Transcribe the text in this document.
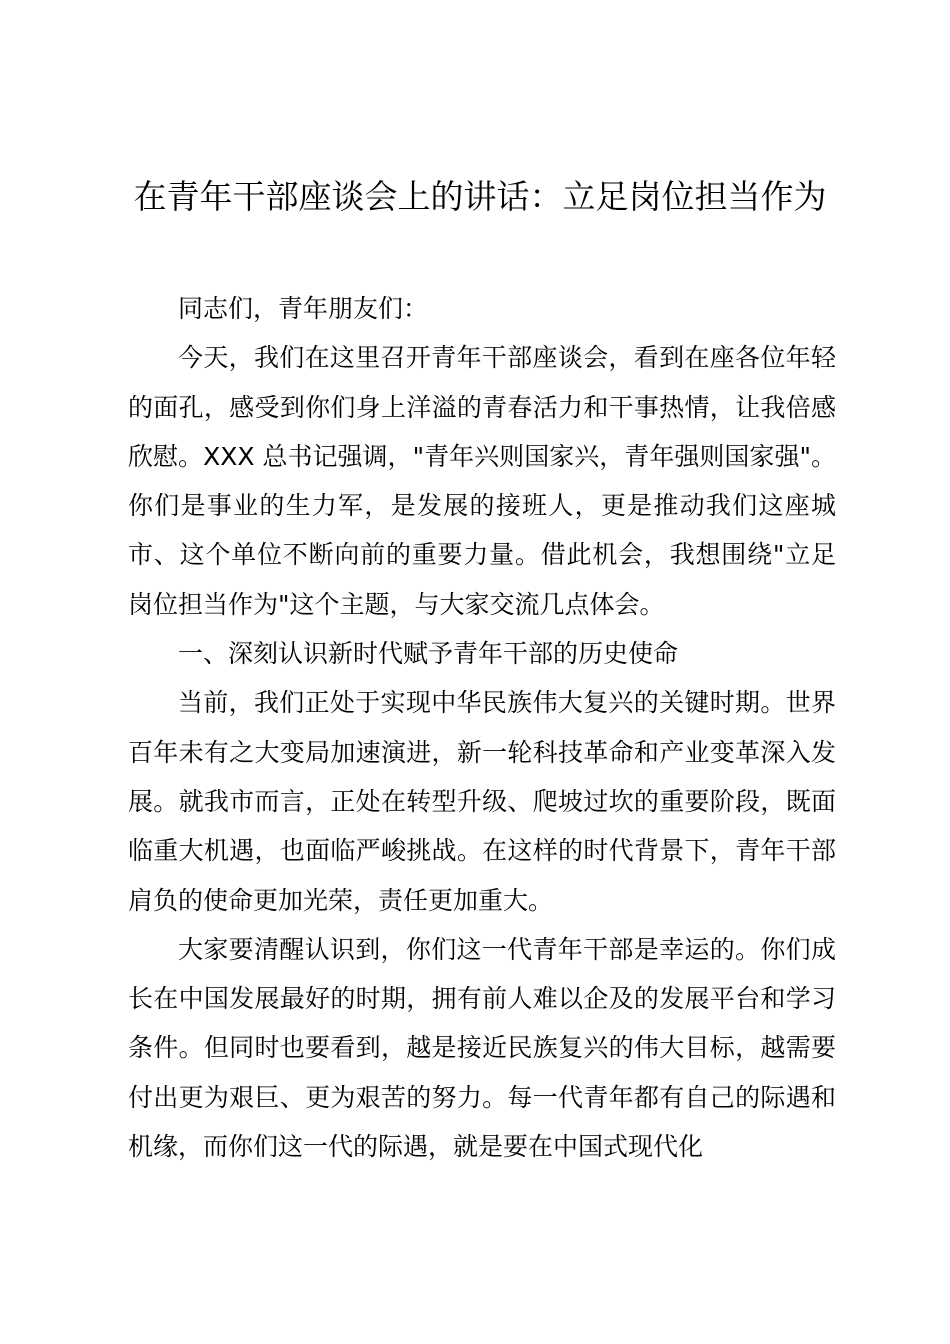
在青年干部座谈会上的讲话：立足岗位担当作为

同志们，青年朋友们：

今天，我们在这里召开青年干部座谈会，看到在座各位年轻的面孔，感受到你们身上洋溢的青春活力和干事热情，让我倍感欣慰。XXX 总书记强调，"青年兴则国家兴，青年强则国家强"。你们是事业的生力军，是发展的接班人，更是推动我们这座城市、这个单位不断向前的重要力量。借此机会，我想围绕"立足岗位担当作为"这个主题，与大家交流几点体会。

一、深刻认识新时代赋予青年干部的历史使命

当前，我们正处于实现中华民族伟大复兴的关键时期。世界百年未有之大变局加速演进，新一轮科技革命和产业变革深入发展。就我市而言，正处在转型升级、爬坡过坎的重要阶段，既面临重大机遇，也面临严峻挑战。在这样的时代背景下，青年干部肩负的使命更加光荣，责任更加重大。

大家要清醒认识到，你们这一代青年干部是幸运的。你们成长在中国发展最好的时期，拥有前人难以企及的发展平台和学习条件。但同时也要看到，越是接近民族复兴的伟大目标，越需要付出更为艰巨、更为艰苦的努力。每一代青年都有自己的际遇和机缘，而你们这一代的际遇，就是要在中国式现代化
